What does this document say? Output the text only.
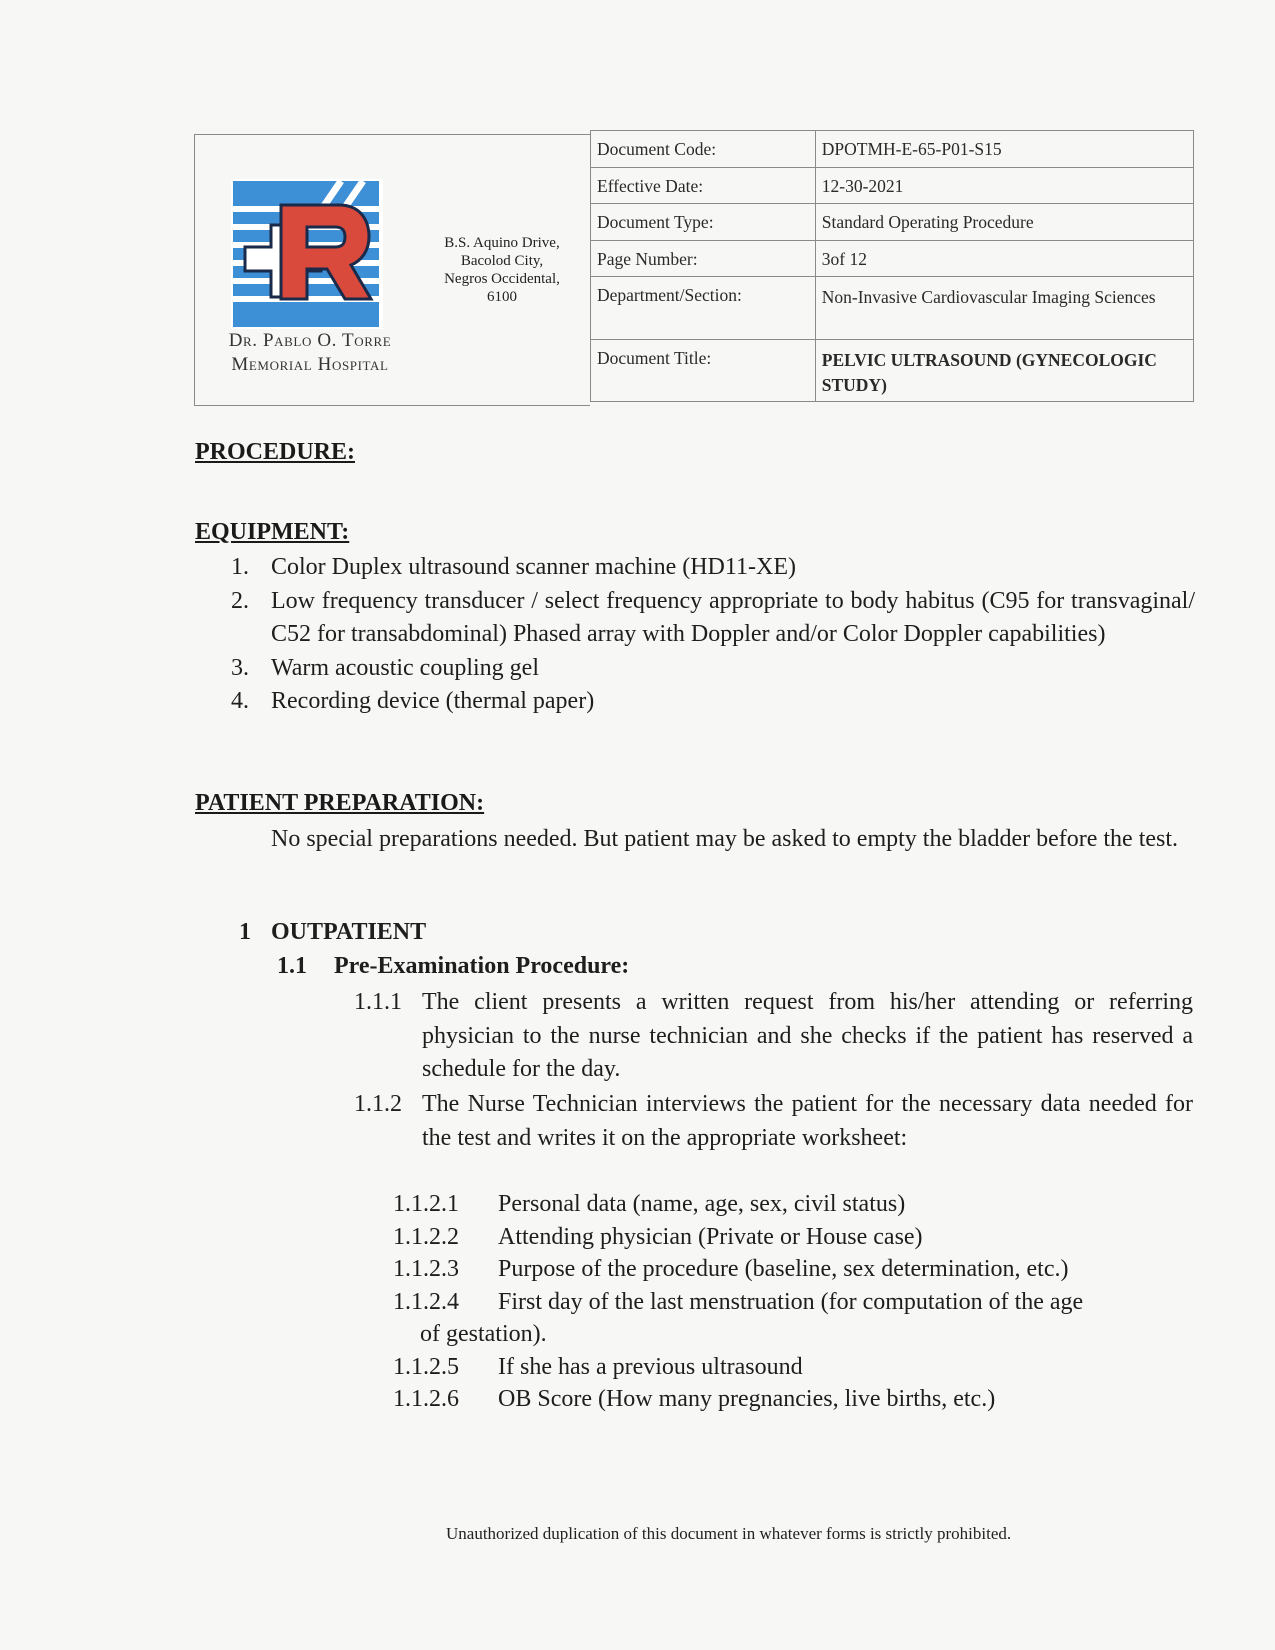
Dr. Pablo O. Torre
Memorial Hospital
B.S. Aquino Drive,
Bacolod City,
Negros Occidental,
6100
Document Code:	DPOTMH-E-65-P01-S15
Effective Date:	12-30-2021
Document Type:	Standard Operating Procedure
Page Number:	3of 12
Department/Section:	Non-Invasive Cardiovascular Imaging Sciences
Document Title:	PELVIC ULTRASOUND (GYNECOLOGIC STUDY)
PROCEDURE:
EQUIPMENT:
1. Color Duplex ultrasound scanner machine (HD11-XE)
2. Low frequency transducer / select frequency appropriate to body habitus (C95 for transvaginal/ C52 for transabdominal) Phased array with Doppler and/or Color Doppler capabilities)
3. Warm acoustic coupling gel
4. Recording device (thermal paper)
PATIENT PREPARATION:
No special preparations needed. But patient may be asked to empty the bladder before the test.
1 OUTPATIENT
1.1 Pre-Examination Procedure:
1.1.1 The client presents a written request from his/her attending or referring physician to the nurse technician and she checks if the patient has reserved a schedule for the day.
1.1.2 The Nurse Technician interviews the patient for the necessary data needed for the test and writes it on the appropriate worksheet:
1.1.2.1	Personal data (name, age, sex, civil status)
1.1.2.2	Attending physician (Private or House case)
1.1.2.3	Purpose of the procedure (baseline, sex determination, etc.)
1.1.2.4	First day of the last menstruation (for computation of the age
of gestation).
1.1.2.5	If she has a previous ultrasound
1.1.2.6	OB Score (How many pregnancies, live births, etc.)
Unauthorized duplication of this document in whatever forms is strictly prohibited.
